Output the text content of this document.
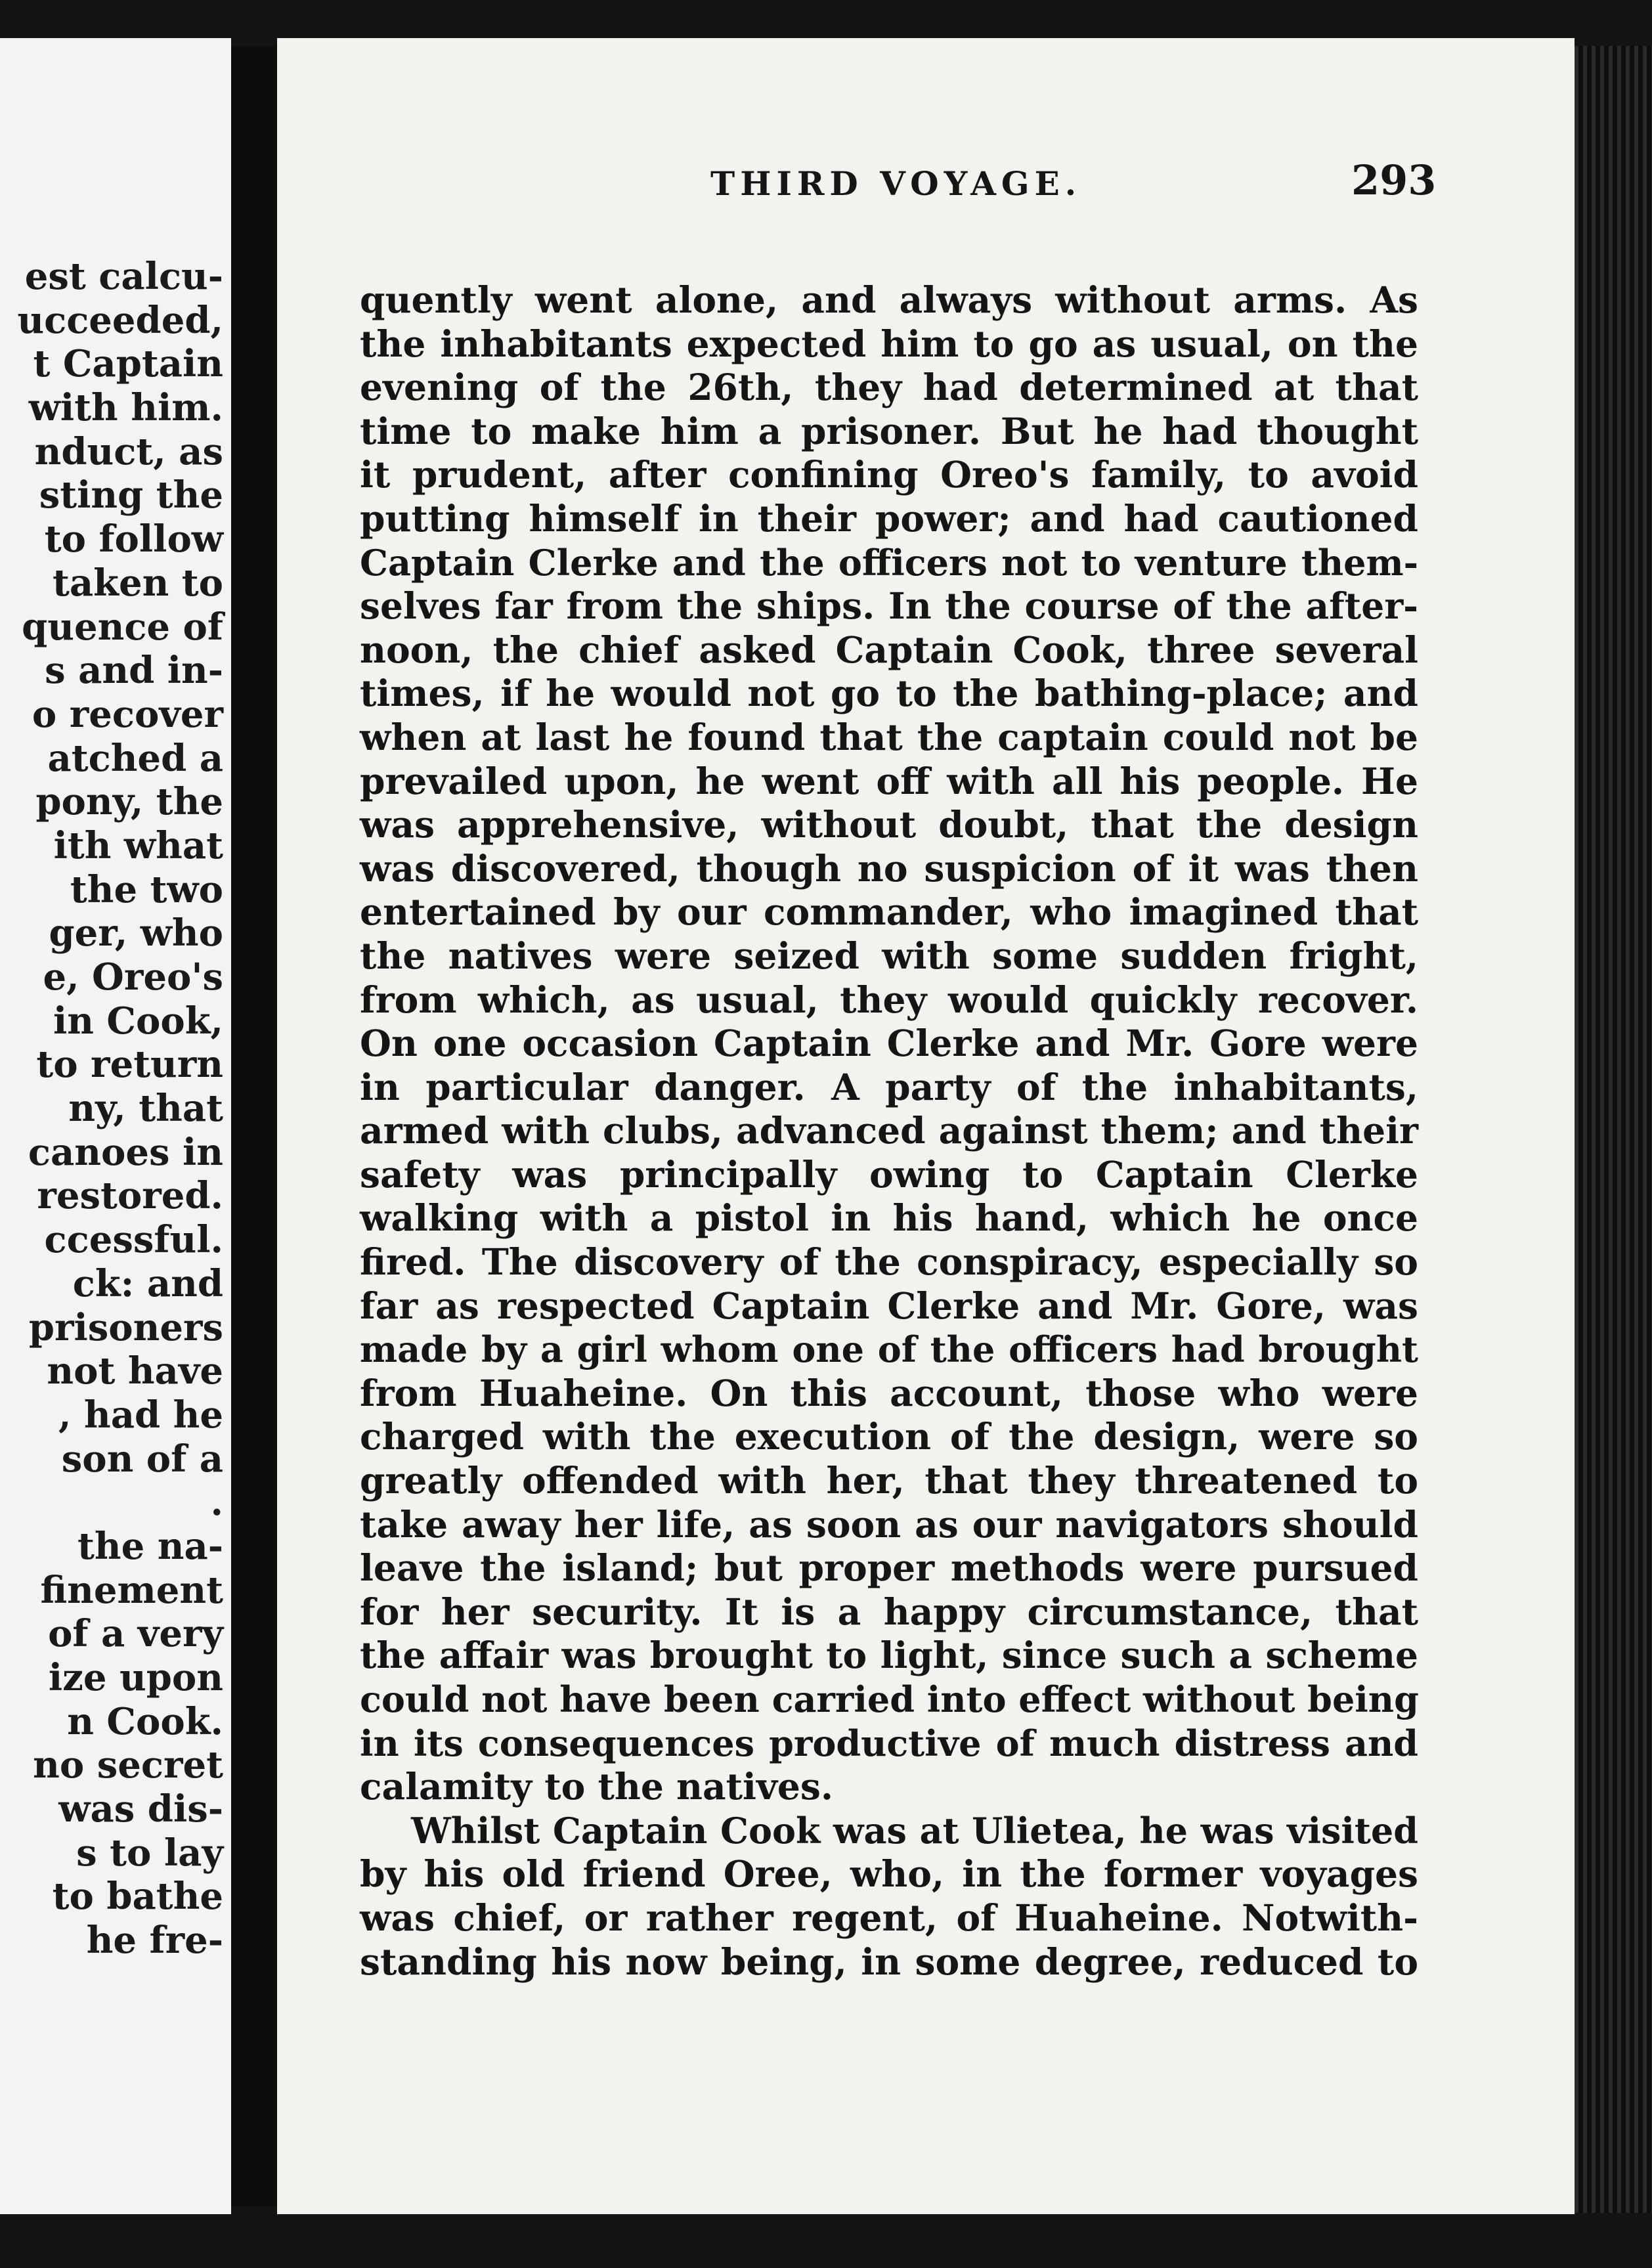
est calcu-
ucceeded,
t Captain
with him.
nduct, as
sting the
to follow
taken to
quence of
s and in-
o recover
atched a
pony, the
ith what
the two
ger, who
e, Oreo's
in Cook,
to return
ny, that
canoes in
restored.
ccessful.
ck: and
prisoners
not have
, had he
son of a
.
the na-
finement
of a very
ize upon
n Cook.
no secret
was dis-
s to lay
to bathe
he fre-
THIRD VOYAGE.	293
quently went alone, and always without arms. As
the inhabitants expected him to go as usual, on the
evening of the 26th, they had determined at that
time to make him a prisoner. But he had thought
it prudent, after confining Oreo's family, to avoid
putting himself in their power; and had cautioned
Captain Clerke and the officers not to venture them-
selves far from the ships. In the course of the after-
noon, the chief asked Captain Cook, three several
times, if he would not go to the bathing-place; and
when at last he found that the captain could not be
prevailed upon, he went off with all his people. He
was apprehensive, without doubt, that the design
was discovered, though no suspicion of it was then
entertained by our commander, who imagined that
the natives were seized with some sudden fright,
from which, as usual, they would quickly recover.
On one occasion Captain Clerke and Mr. Gore were
in particular danger. A party of the inhabitants,
armed with clubs, advanced against them; and their
safety was principally owing to Captain Clerke
walking with a pistol in his hand, which he once
fired. The discovery of the conspiracy, especially so
far as respected Captain Clerke and Mr. Gore, was
made by a girl whom one of the officers had brought
from Huaheine. On this account, those who were
charged with the execution of the design, were so
greatly offended with her, that they threatened to
take away her life, as soon as our navigators should
leave the island; but proper methods were pursued
for her security. It is a happy circumstance, that
the affair was brought to light, since such a scheme
could not have been carried into effect without being
in its consequences productive of much distress and
calamity to the natives.
Whilst Captain Cook was at Ulietea, he was visited
by his old friend Oree, who, in the former voyages
was chief, or rather regent, of Huaheine. Notwith-
standing his now being, in some degree, reduced to
